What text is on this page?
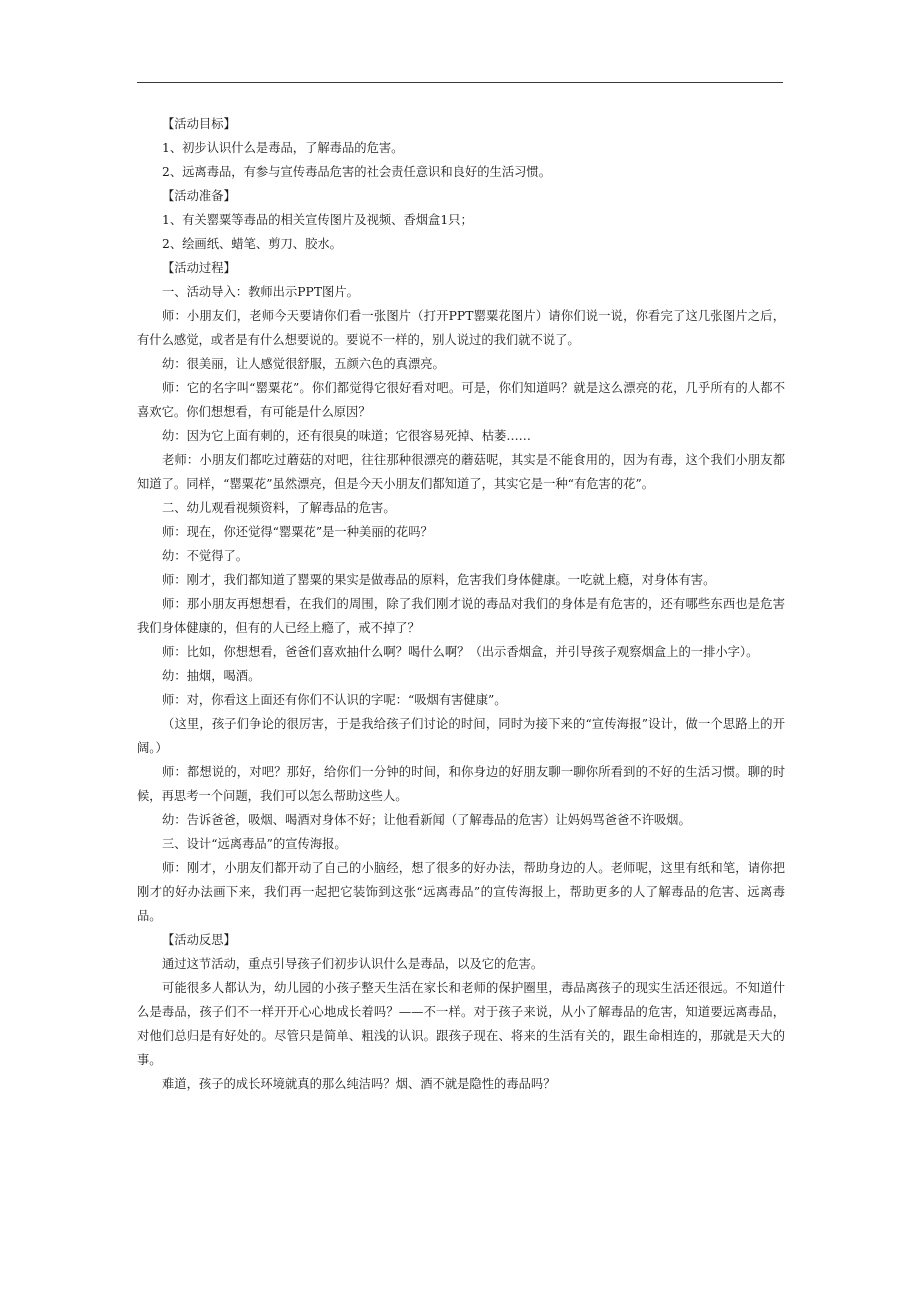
【活动目标】

1、初步认识什么是毒品，了解毒品的危害。

2、远离毒品，有参与宣传毒品危害的社会责任意识和良好的生活习惯。

【活动准备】

1、有关罂粟等毒品的相关宣传图片及视频、香烟盒1只；

2、绘画纸、蜡笔、剪刀、胶水。

【活动过程】

一、活动导入：教师出示PPT图片。

师：小朋友们，老师今天要请你们看一张图片（打开PPT罂粟花图片）请你们说一说，你看完了这几张图片之后，有什么感觉，或者是有什么想要说的。要说不一样的，别人说过的我们就不说了。

幼：很美丽，让人感觉很舒服，五颜六色的真漂亮。

师：它的名字叫“罂粟花”。你们都觉得它很好看对吧。可是，你们知道吗？就是这么漂亮的花，几乎所有的人都不喜欢它。你们想想看，有可能是什么原因？

幼：因为它上面有刺的，还有很臭的味道；它很容易死掉、枯萎……

老师：小朋友们都吃过蘑菇的对吧，往往那种很漂亮的蘑菇呢，其实是不能食用的，因为有毒，这个我们小朋友都知道了。同样，“罂粟花”虽然漂亮，但是今天小朋友们都知道了，其实它是一种“有危害的花”。

二、幼儿观看视频资料，了解毒品的危害。

师：现在，你还觉得“罂粟花”是一种美丽的花吗？

幼：不觉得了。

师：刚才，我们都知道了罂粟的果实是做毒品的原料，危害我们身体健康。一吃就上瘾，对身体有害。

师：那小朋友再想想看，在我们的周围，除了我们刚才说的毒品对我们的身体是有危害的，还有哪些东西也是危害我们身体健康的，但有的人已经上瘾了，戒不掉了？

师：比如，你想想看，爸爸们喜欢抽什么啊？喝什么啊？（出示香烟盒，并引导孩子观察烟盒上的一排小字）。

幼：抽烟，喝酒。

师：对，你看这上面还有你们不认识的字呢：“吸烟有害健康”。

（这里，孩子们争论的很厉害，于是我给孩子们讨论的时间，同时为接下来的“宣传海报”设计，做一个思路上的开阔。）

师：都想说的，对吧？那好，给你们一分钟的时间，和你身边的好朋友聊一聊你所看到的不好的生活习惯。聊的时候，再思考一个问题，我们可以怎么帮助这些人。

幼：告诉爸爸，吸烟、喝酒对身体不好；让他看新闻（了解毒品的危害）让妈妈骂爸爸不许吸烟。

三、设计“远离毒品”的宣传海报。

师：刚才，小朋友们都开动了自己的小脑经，想了很多的好办法，帮助身边的人。老师呢，这里有纸和笔，请你把刚才的好办法画下来，我们再一起把它装饰到这张“远离毒品”的宣传海报上，帮助更多的人了解毒品的危害、远离毒品。

【活动反思】

通过这节活动，重点引导孩子们初步认识什么是毒品，以及它的危害。

可能很多人都认为，幼儿园的小孩子整天生活在家长和老师的保护圈里，毒品离孩子的现实生活还很远。不知道什么是毒品，孩子们不一样开开心心地成长着吗？——不一样。对于孩子来说，从小了解毒品的危害，知道要远离毒品，对他们总归是有好处的。尽管只是简单、粗浅的认识。跟孩子现在、将来的生活有关的，跟生命相连的，那就是天大的事。

难道，孩子的成长环境就真的那么纯洁吗？烟、酒不就是隐性的毒品吗？
